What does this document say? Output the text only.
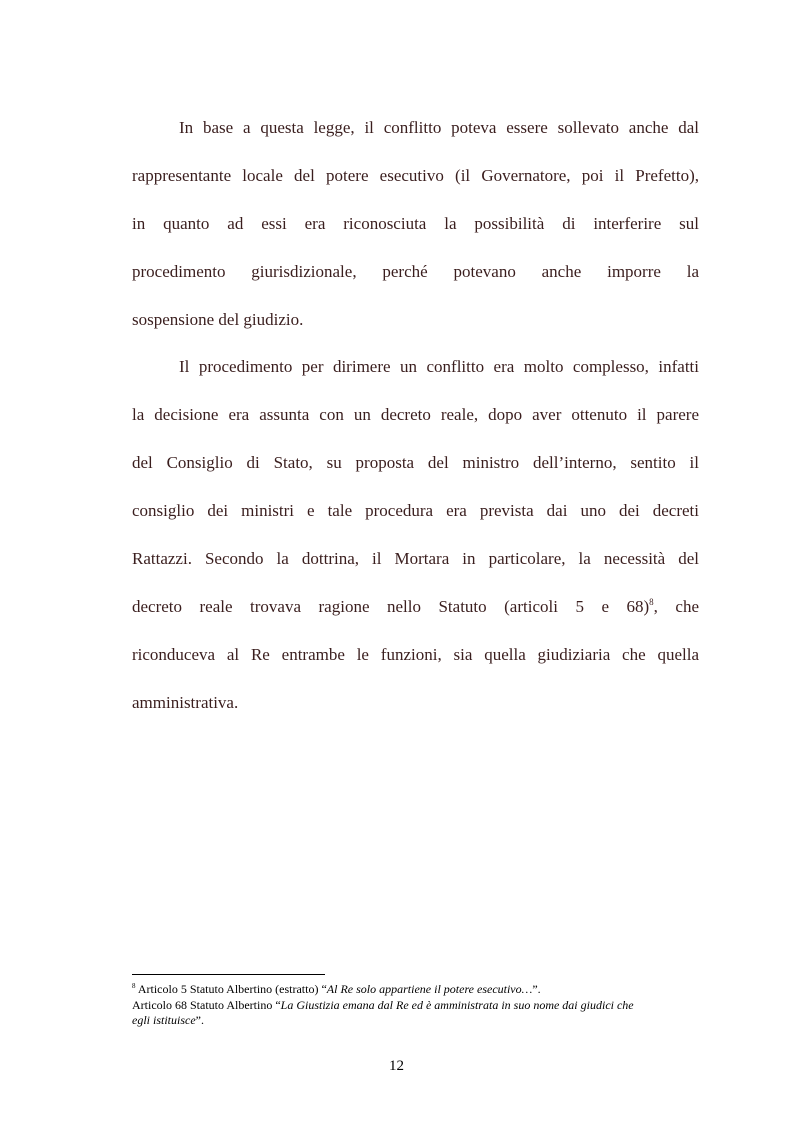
In base a questa legge, il conflitto poteva essere sollevato anche dal
rappresentante locale del potere esecutivo (il Governatore, poi il Prefetto),
in quanto ad essi era riconosciuta la possibilità di interferire sul
procedimento giurisdizionale, perché potevano anche imporre la
sospensione del giudizio.
Il procedimento per dirimere un conflitto era molto complesso, infatti
la decisione era assunta con un decreto reale, dopo aver ottenuto il parere
del Consiglio di Stato, su proposta del ministro dell’interno, sentito il
consiglio dei ministri e tale procedura era prevista dai uno dei decreti
Rattazzi. Secondo la dottrina, il Mortara in particolare, la necessità del
decreto reale trovava ragione nello Statuto (articoli 5 e 68)$^8$, che
riconduceva al Re entrambe le funzioni, sia quella giudiziaria che quella
amministrativa.
$^8$ Articolo 5 Statuto Albertino (estratto) “Al Re solo appartiene il potere esecutivo…”.
Articolo 68 Statuto Albertino “La Giustizia emana dal Re ed è amministrata in suo nome dai giudici che
egli istituisce”.
12
